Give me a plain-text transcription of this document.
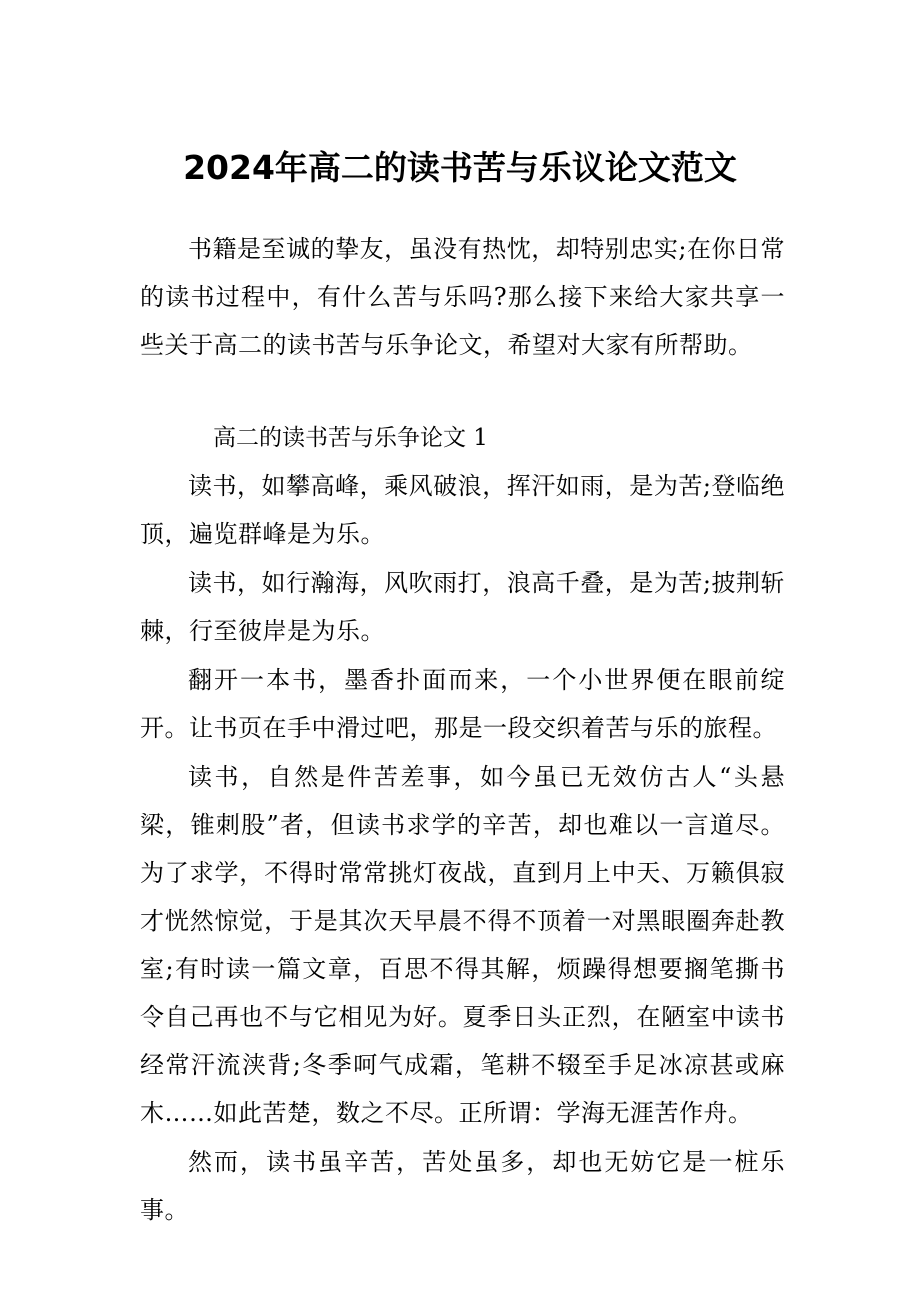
2024年高二的读书苦与乐议论文范文

书籍是至诚的挚友，虽没有热忱，却特别忠实;在你日常的读书过程中，有什么苦与乐吗?那么接下来给大家共享一些关于高二的读书苦与乐争论文，希望对大家有所帮助。

高二的读书苦与乐争论文 1

读书，如攀高峰，乘风破浪，挥汗如雨，是为苦;登临绝顶，遍览群峰是为乐。

读书，如行瀚海，风吹雨打，浪高千叠，是为苦;披荆斩棘，行至彼岸是为乐。

翻开一本书，墨香扑面而来，一个小世界便在眼前绽开。让书页在手中滑过吧，那是一段交织着苦与乐的旅程。

读书，自然是件苦差事，如今虽已无效仿古人“头悬梁，锥刺股”者，但读书求学的辛苦，却也难以一言道尽。为了求学，不得时常常挑灯夜战，直到月上中天、万籁俱寂才恍然惊觉，于是其次天早晨不得不顶着一对黑眼圈奔赴教室;有时读一篇文章，百思不得其解，烦躁得想要搁笔撕书令自己再也不与它相见为好。夏季日头正烈，在陋室中读书经常汗流浃背;冬季呵气成霜，笔耕不辍至手足冰凉甚或麻木……如此苦楚，数之不尽。正所谓：学海无涯苦作舟。

然而，读书虽辛苦，苦处虽多，却也无妨它是一桩乐事。
